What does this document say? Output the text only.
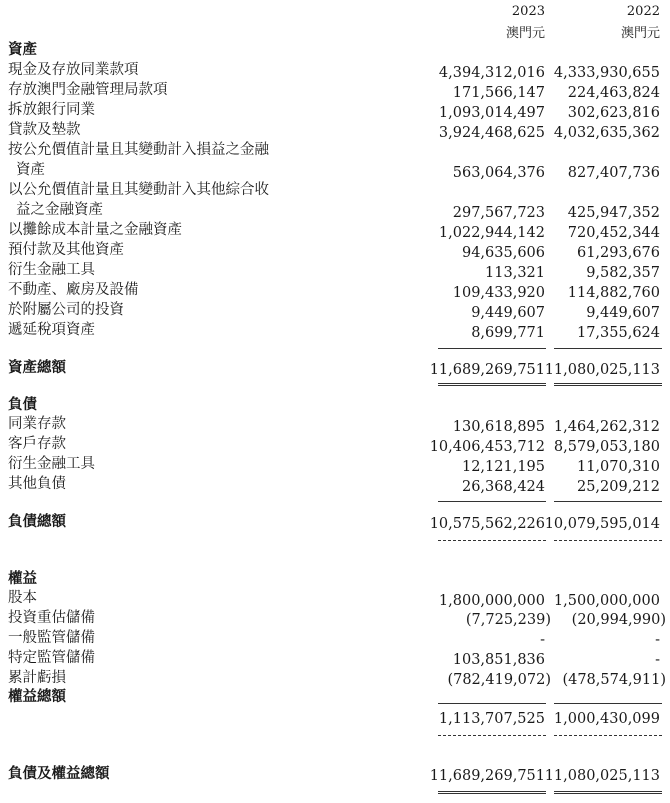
2023	2022
澳門元	澳門元
資產
現金及存放同業款項	4,394,312,016 4,333,930,655
存放澳門金融管理局款項	171,566,147 224,463,824
拆放銀行同業	1,093,014,497 302,623,816
貸款及墊款	3,924,468,625 4,032,635,362
按公允價值計量且其變動計入損益之金融
資產	563,064,376 827,407,736
以公允價值計量且其變動計入其他綜合收
益之金融資產	297,567,723 425,947,352
以攤餘成本計量之金融資產	1,022,944,142 720,452,344
預付款及其他資產	94,635,606 61,293,676
衍生金融工具	113,321	9,582,357
不動產、廠房及設備	109,433,920 114,882,760
於附屬公司的投資	9,449,607	9,449,607
遞延稅項資產	8,699,771 17,355,624
資產總額	11,689,269,751 11,080,025,113
負債
同業存款	130,618,895 1,464,262,312
客戶存款	10,406,453,712 8,579,053,180
衍生金融工具	12,121,195 11,070,310
其他負債	26,368,424 25,209,212
負債總額	10,575,562,226 10,079,595,014
權益
股本	1,800,000,000 1,500,000,000
投資重估儲備	(7,725,239) (20,994,990)
一般監管儲備	-	-
特定監管儲備	103,851,836	-
累計虧損	(782,419,072) (478,574,911)
權益總額
1,113,707,525 1,000,430,099
負債及權益總額	11,689,269,751 11,080,025,113
